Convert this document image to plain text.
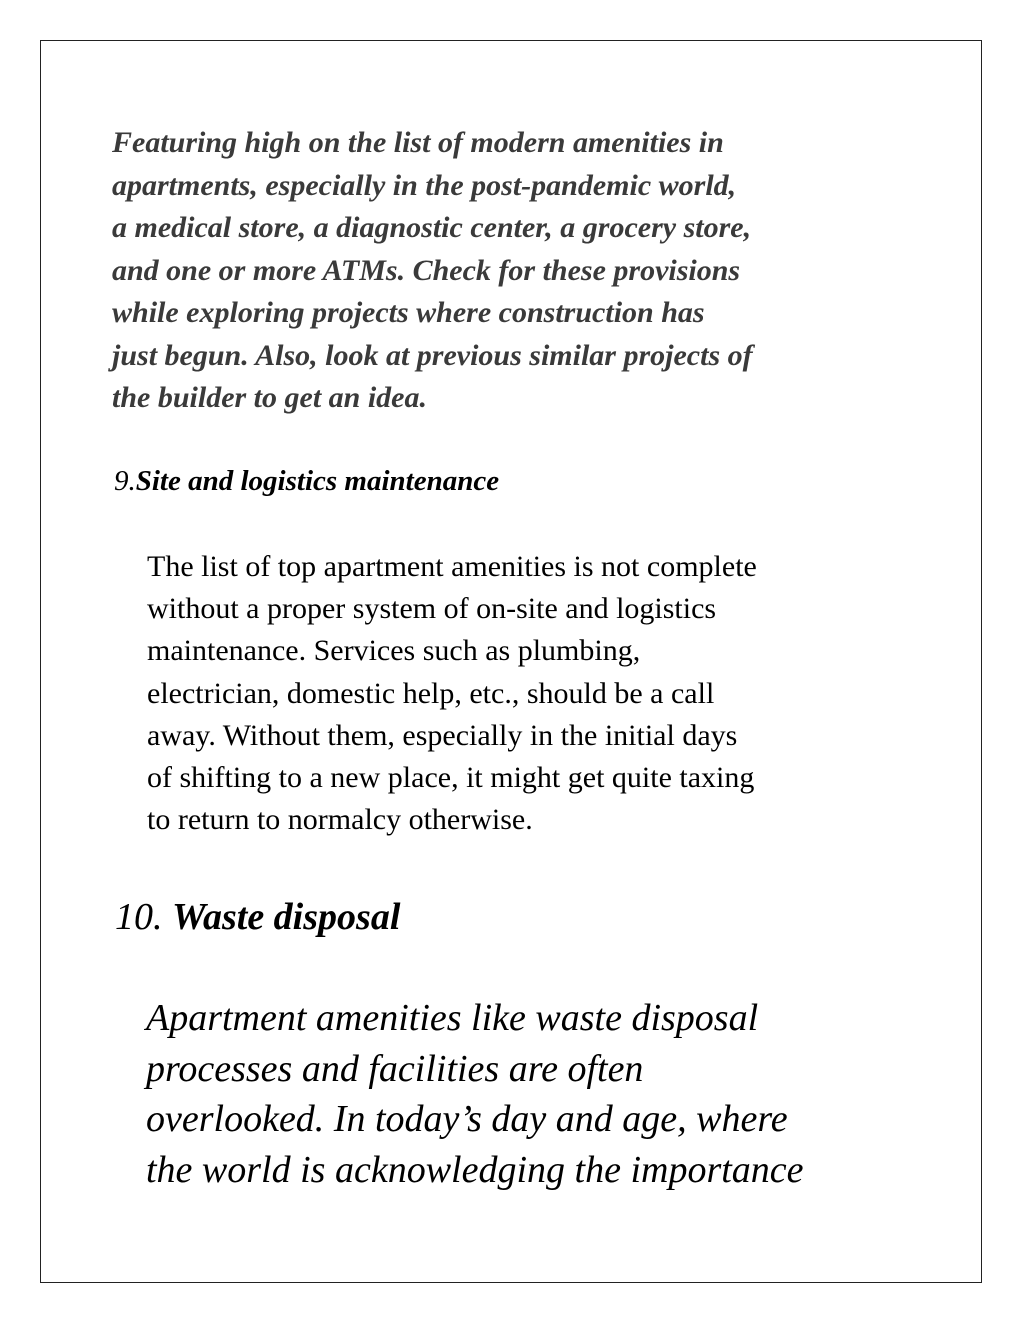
Featuring high on the list of modern amenities in
apartments, especially in the post-pandemic world,
a medical store, a diagnostic center, a grocery store,
and one or more ATMs. Check for these provisions
while exploring projects where construction has
just begun. Also, look at previous similar projects of
the builder to get an idea.

9.Site and logistics maintenance

The list of top apartment amenities is not complete
without a proper system of on-site and logistics
maintenance. Services such as plumbing,
electrician, domestic help, etc., should be a call
away. Without them, especially in the initial days
of shifting to a new place, it might get quite taxing
to return to normalcy otherwise.

10. Waste disposal

Apartment amenities like waste disposal
processes and facilities are often
overlooked. In today’s day and age, where
the world is acknowledging the importance
